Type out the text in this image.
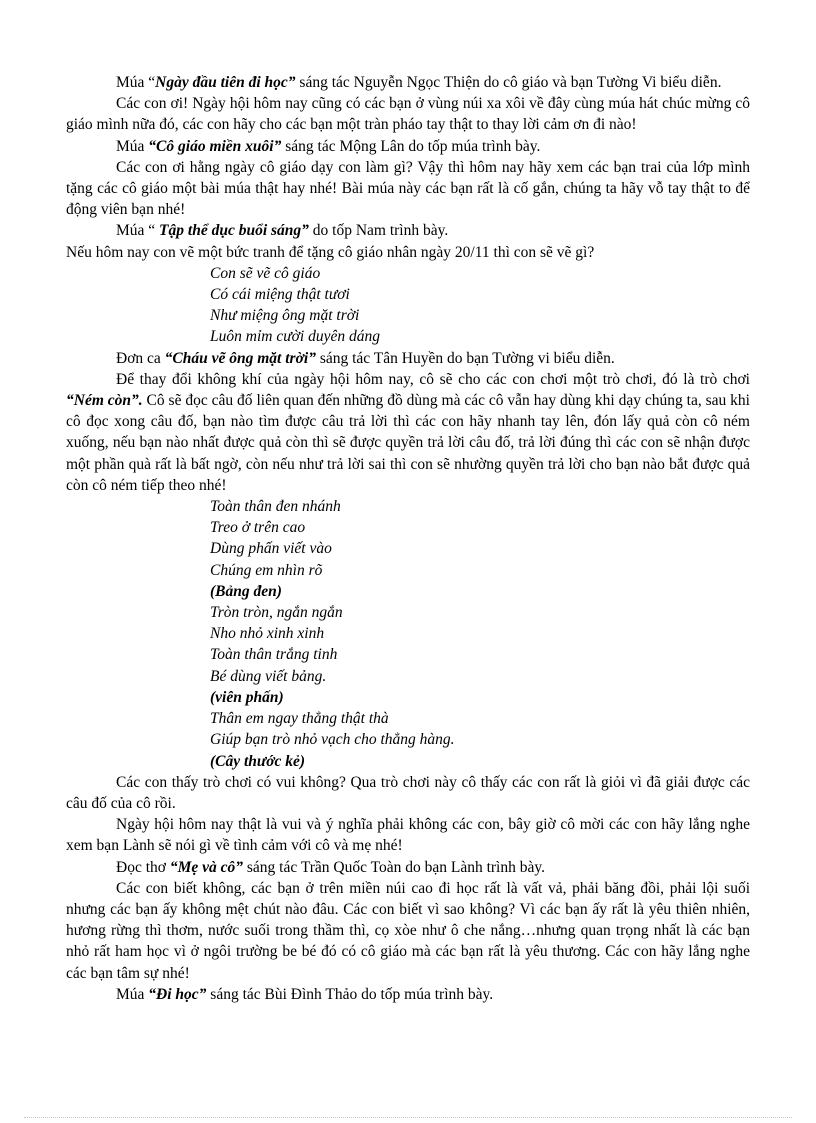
Múa “Ngày đầu tiên đi học” sáng tác Nguyễn Ngọc Thiện do cô giáo và bạn Tường Vi biểu diễn.

Các con ơi! Ngày hội hôm nay cũng có các bạn ở vùng núi xa xôi về đây cùng múa hát chúc mừng cô giáo mình nữa đó, các con hãy cho các bạn một tràn pháo tay thật to thay lời cảm ơn đi nào!

Múa “Cô giáo miền xuôi” sáng tác Mộng Lân do tốp múa trình bày.

Các con ơi hằng ngày cô giáo dạy con làm gì? Vậy thì hôm nay hãy xem các bạn trai của lớp mình tặng các cô giáo một bài múa thật hay nhé! Bài múa này các bạn rất là cố gắn, chúng ta hãy vỗ tay thật to để động viên bạn nhé!

Múa “ Tập thể dục buổi sáng” do tốp Nam trình bày.

Nếu hôm nay con vẽ một bức tranh để tặng cô giáo nhân ngày 20/11 thì con sẽ vẽ gì?

Con sẽ vẽ cô giáo
Có cái miệng thật tươi
Như miệng ông mặt trời
Luôn mỉm cười duyên dáng

Đơn ca “Cháu vẽ ông mặt trời” sáng tác Tân Huyền do bạn Tường vi biểu diễn.

Để thay đổi không khí của ngày hội hôm nay, cô sẽ cho các con chơi một trò chơi, đó là trò chơi “Ném còn”. Cô sẽ đọc câu đố liên quan đến những đồ dùng mà các cô vẫn hay dùng khi dạy chúng ta, sau khi cô đọc xong câu đố, bạn nào tìm được câu trả lời thì các con hãy nhanh tay lên, đón lấy quả còn cô ném xuống, nếu bạn nào nhất được quả còn thì sẽ được quyền trả lời câu đố, trả lời đúng thì các con sẽ nhận được một phần quà rất là bất ngờ, còn nếu như trả lời sai thì con sẽ nhường quyền trả lời cho bạn nào bắt được quả còn cô ném tiếp theo nhé!

Toàn thân đen nhánh
Treo ở trên cao
Dùng phấn viết vào
Chúng em nhìn rõ
(Bảng đen)
Tròn tròn, ngắn ngắn
Nho nhỏ xinh xinh
Toàn thân trắng tinh
Bé dùng viết bảng.
(viên phấn)
Thân em ngay thẳng thật thà
Giúp bạn trò nhỏ vạch cho thẳng hàng.
(Cây thước kẻ)

Các con thấy trò chơi có vui không? Qua trò chơi này cô thấy các con rất là giỏi vì đã giải được các câu đố của cô rồi.

Ngày hội hôm nay thật là vui và ý nghĩa phải không các con, bây giờ cô mời các con hãy lắng nghe xem bạn Lành sẽ nói gì về tình cảm với cô và mẹ nhé!

Đọc thơ “Mẹ và cô” sáng tác Trần Quốc Toàn do bạn Lành trình bày.

Các con biết không, các bạn ở trên miền núi cao đi học rất là vất vả, phải băng đồi, phải lội suối nhưng các bạn ấy không mệt chút nào đâu. Các con biết vì sao không? Vì các bạn ấy rất là yêu thiên nhiên, hương rừng thì thơm, nước suối trong thầm thì, cọ xòe như ô che nắng…nhưng quan trọng nhất là các bạn nhỏ rất ham học vì ở ngôi trường be bé đó có cô giáo mà các bạn rất là yêu thương. Các con hãy lắng nghe các bạn tâm sự nhé!

Múa “Đi học” sáng tác Bùi Đình Thảo do tốp múa trình bày.
